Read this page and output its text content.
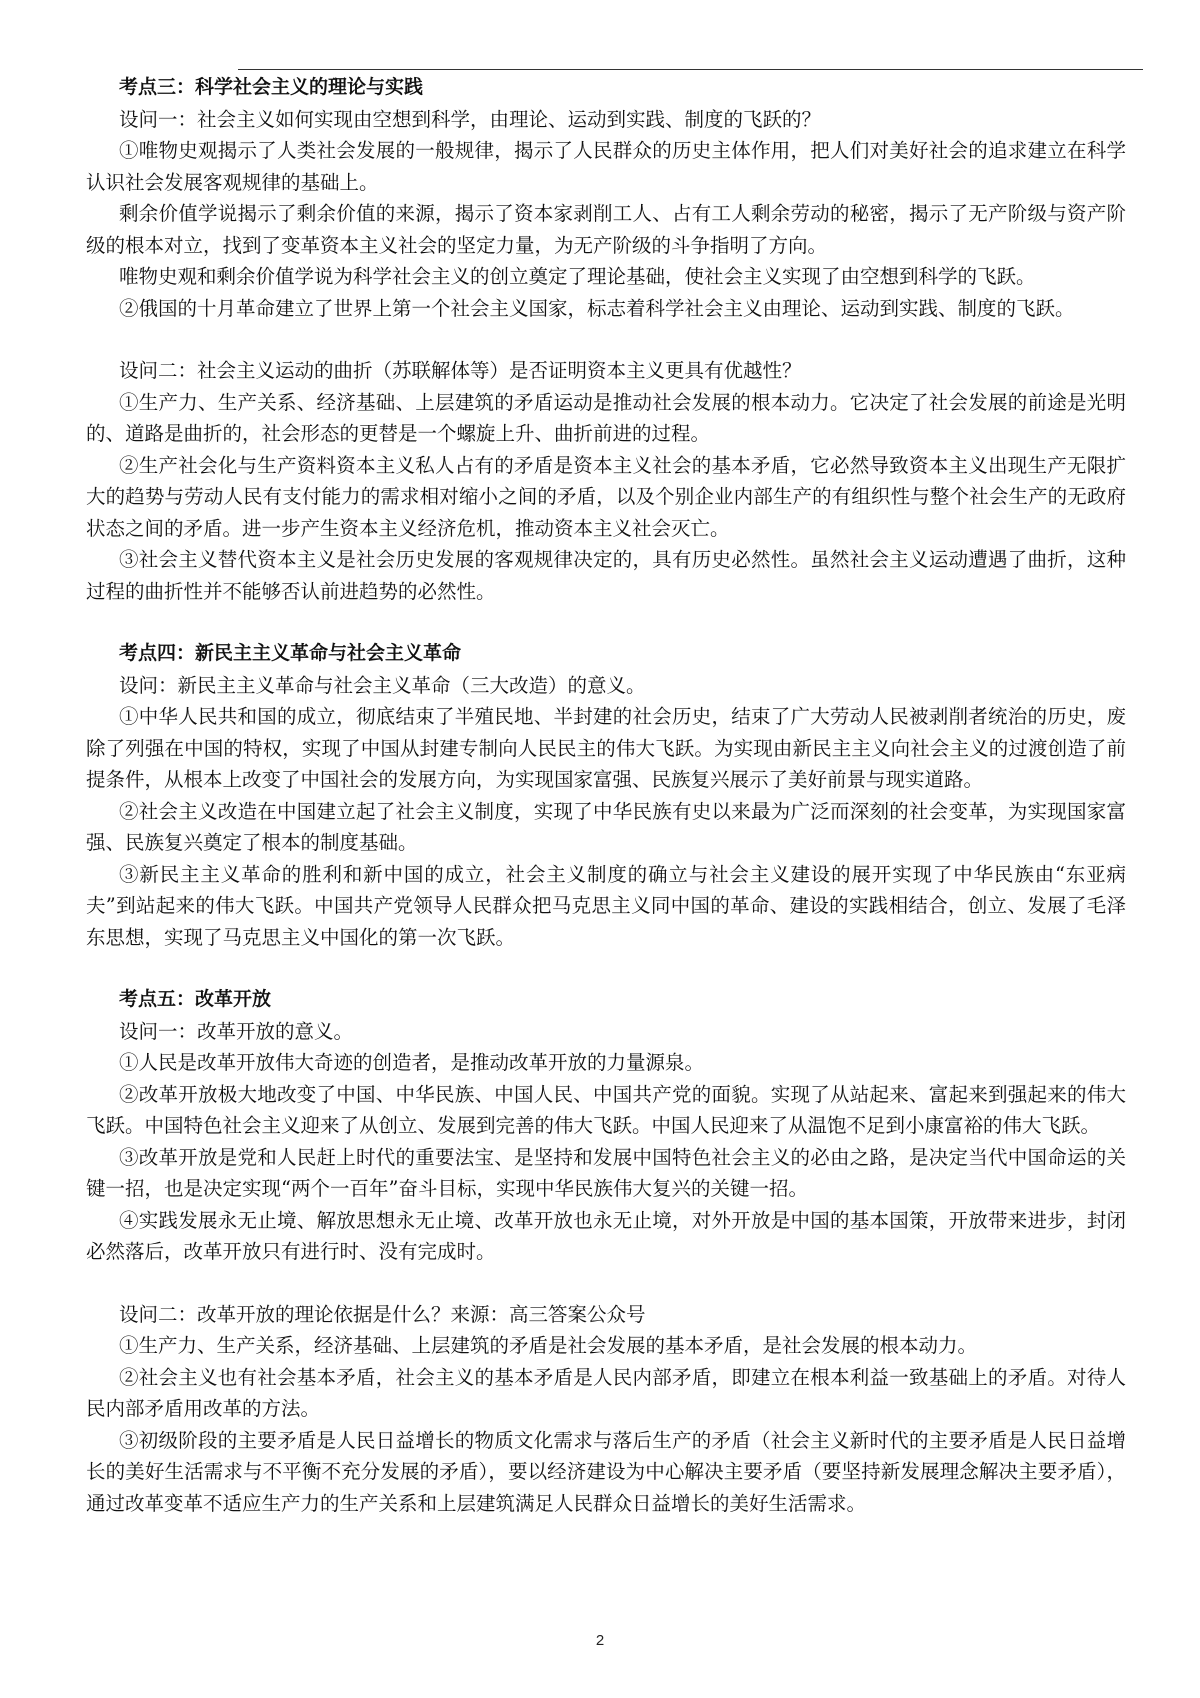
考点三：科学社会主义的理论与实践

设问一：社会主义如何实现由空想到科学，由理论、运动到实践、制度的飞跃的？

①唯物史观揭示了人类社会发展的一般规律，揭示了人民群众的历史主体作用，把人们对美好社会的追求建立在科学认识社会发展客观规律的基础上。

剩余价值学说揭示了剩余价值的来源，揭示了资本家剥削工人、占有工人剩余劳动的秘密，揭示了无产阶级与资产阶级的根本对立，找到了变革资本主义社会的坚定力量，为无产阶级的斗争指明了方向。

唯物史观和剩余价值学说为科学社会主义的创立奠定了理论基础，使社会主义实现了由空想到科学的飞跃。

②俄国的十月革命建立了世界上第一个社会主义国家，标志着科学社会主义由理论、运动到实践、制度的飞跃。

设问二：社会主义运动的曲折（苏联解体等）是否证明资本主义更具有优越性？

①生产力、生产关系、经济基础、上层建筑的矛盾运动是推动社会发展的根本动力。它决定了社会发展的前途是光明的、道路是曲折的，社会形态的更替是一个螺旋上升、曲折前进的过程。

②生产社会化与生产资料资本主义私人占有的矛盾是资本主义社会的基本矛盾，它必然导致资本主义出现生产无限扩大的趋势与劳动人民有支付能力的需求相对缩小之间的矛盾，以及个别企业内部生产的有组织性与整个社会生产的无政府状态之间的矛盾。进一步产生资本主义经济危机，推动资本主义社会灭亡。

③社会主义替代资本主义是社会历史发展的客观规律决定的，具有历史必然性。虽然社会主义运动遭遇了曲折，这种过程的曲折性并不能够否认前进趋势的必然性。

考点四：新民主主义革命与社会主义革命

设问：新民主主义革命与社会主义革命（三大改造）的意义。

①中华人民共和国的成立，彻底结束了半殖民地、半封建的社会历史，结束了广大劳动人民被剥削者统治的历史，废除了列强在中国的特权，实现了中国从封建专制向人民民主的伟大飞跃。为实现由新民主主义向社会主义的过渡创造了前提条件，从根本上改变了中国社会的发展方向，为实现国家富强、民族复兴展示了美好前景与现实道路。

②社会主义改造在中国建立起了社会主义制度，实现了中华民族有史以来最为广泛而深刻的社会变革，为实现国家富强、民族复兴奠定了根本的制度基础。

③新民主主义革命的胜利和新中国的成立，社会主义制度的确立与社会主义建设的展开实现了中华民族由“东亚病夫”到站起来的伟大飞跃。中国共产党领导人民群众把马克思主义同中国的革命、建设的实践相结合，创立、发展了毛泽东思想，实现了马克思主义中国化的第一次飞跃。

考点五：改革开放

设问一：改革开放的意义。

①人民是改革开放伟大奇迹的创造者，是推动改革开放的力量源泉。

②改革开放极大地改变了中国、中华民族、中国人民、中国共产党的面貌。实现了从站起来、富起来到强起来的伟大飞跃。中国特色社会主义迎来了从创立、发展到完善的伟大飞跃。中国人民迎来了从温饱不足到小康富裕的伟大飞跃。

③改革开放是党和人民赶上时代的重要法宝、是坚持和发展中国特色社会主义的必由之路，是决定当代中国命运的关键一招，也是决定实现“两个一百年”奋斗目标，实现中华民族伟大复兴的关键一招。

④实践发展永无止境、解放思想永无止境、改革开放也永无止境，对外开放是中国的基本国策，开放带来进步，封闭必然落后，改革开放只有进行时、没有完成时。

设问二：改革开放的理论依据是什么？来源：高三答案公众号

①生产力、生产关系，经济基础、上层建筑的矛盾是社会发展的基本矛盾，是社会发展的根本动力。

②社会主义也有社会基本矛盾，社会主义的基本矛盾是人民内部矛盾，即建立在根本利益一致基础上的矛盾。对待人民内部矛盾用改革的方法。

③初级阶段的主要矛盾是人民日益增长的物质文化需求与落后生产的矛盾（社会主义新时代的主要矛盾是人民日益增长的美好生活需求与不平衡不充分发展的矛盾），要以经济建设为中心解决主要矛盾（要坚持新发展理念解决主要矛盾），通过改革变革不适应生产力的生产关系和上层建筑满足人民群众日益增长的美好生活需求。

2
